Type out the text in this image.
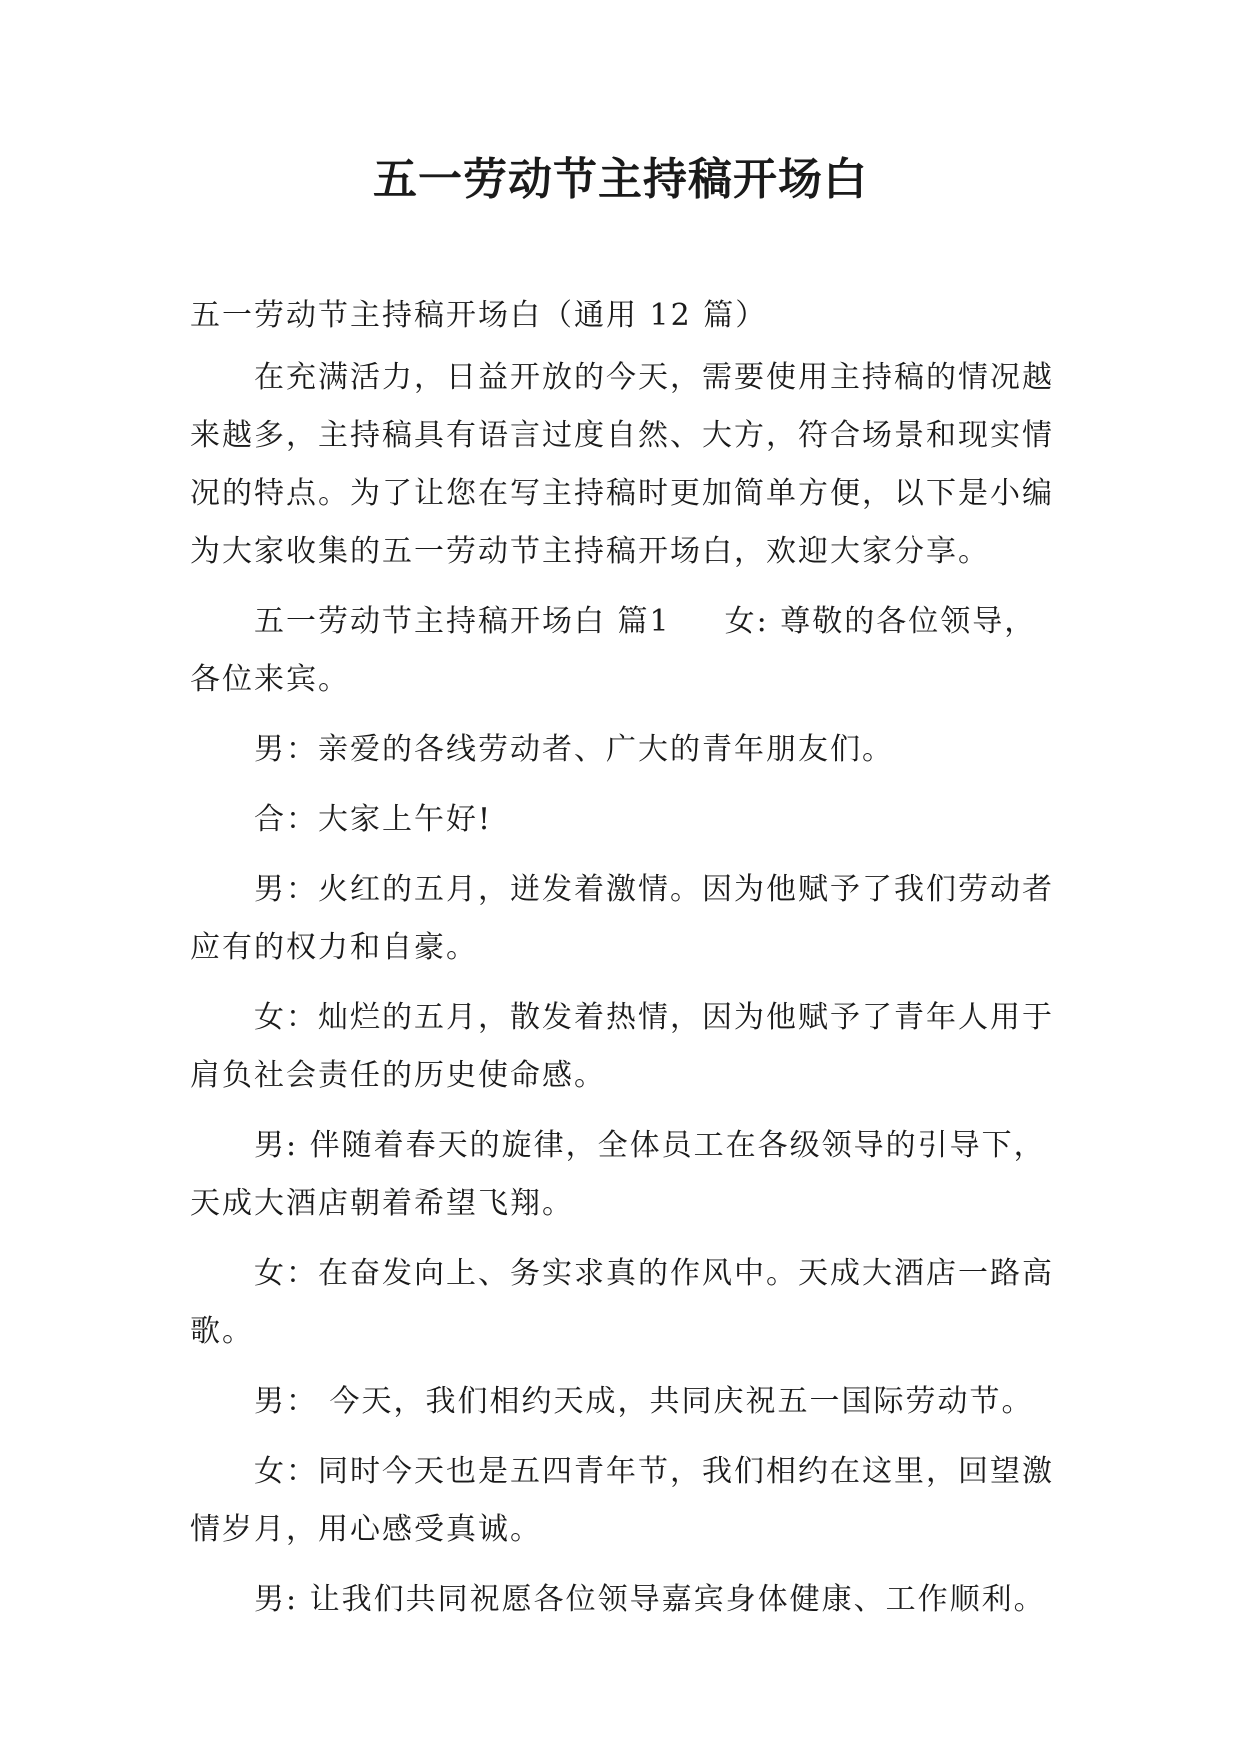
五一劳动节主持稿开场白

五一劳动节主持稿开场白（通用 12 篇）

在充满活力，日益开放的今天，需要使用主持稿的情况越来越多，主持稿具有语言过度自然、大方，符合场景和现实情况的特点。为了让您在写主持稿时更加简单方便，以下是小编为大家收集的五一劳动节主持稿开场白，欢迎大家分享。

五一劳动节主持稿开场白 篇1 女: 尊敬的各位领导，各位来宾。

男：亲爱的各线劳动者、广大的青年朋友们。

合：大家上午好!

男：火红的五月，迸发着激情。因为他赋予了我们劳动者应有的权力和自豪。

女：灿烂的五月，散发着热情，因为他赋予了青年人用于肩负社会责任的历史使命感。

男: 伴随着春天的旋律，全体员工在各级领导的引导下，天成大酒店朝着希望飞翔。

女：在奋发向上、务实求真的作风中。天成大酒店一路高歌。

男： 今天，我们相约天成，共同庆祝五一国际劳动节。

女：同时今天也是五四青年节，我们相约在这里，回望激情岁月，用心感受真诚。

男: 让我们共同祝愿各位领导嘉宾身体健康、工作顺利。
